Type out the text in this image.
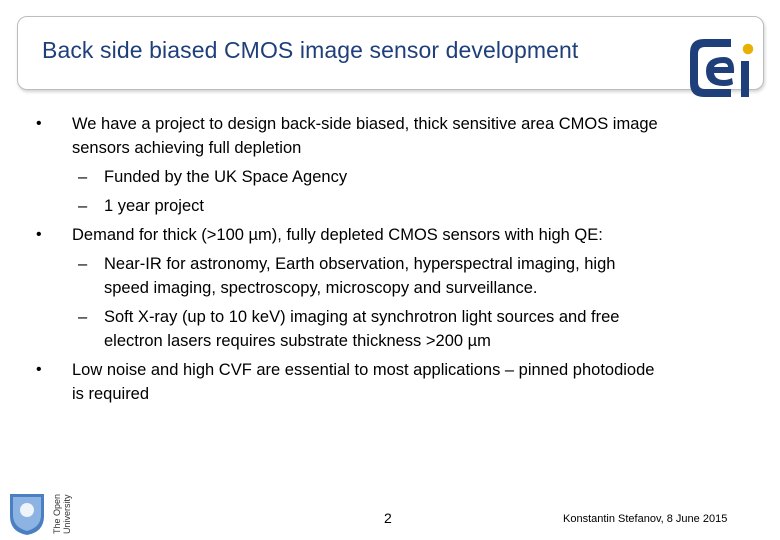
Back side biased CMOS image sensor development
• We have a project to design back-side biased, thick sensitive area CMOS image
sensors achieving full depletion
– Funded by the UK Space Agency
– 1 year project
• Demand for thick (>100 µm), fully depleted CMOS sensors with high QE:
– Near-IR for astronomy, Earth observation, hyperspectral imaging, high
speed imaging, spectroscopy, microscopy and surveillance.
– Soft X-ray (up to 10 keV) imaging at synchrotron light sources and free
electron lasers requires substrate thickness >200 µm
• Low noise and high CVF are essential to most applications – pinned photodiode
is required
The Open University	2	Konstantin Stefanov, 8 June 2015
